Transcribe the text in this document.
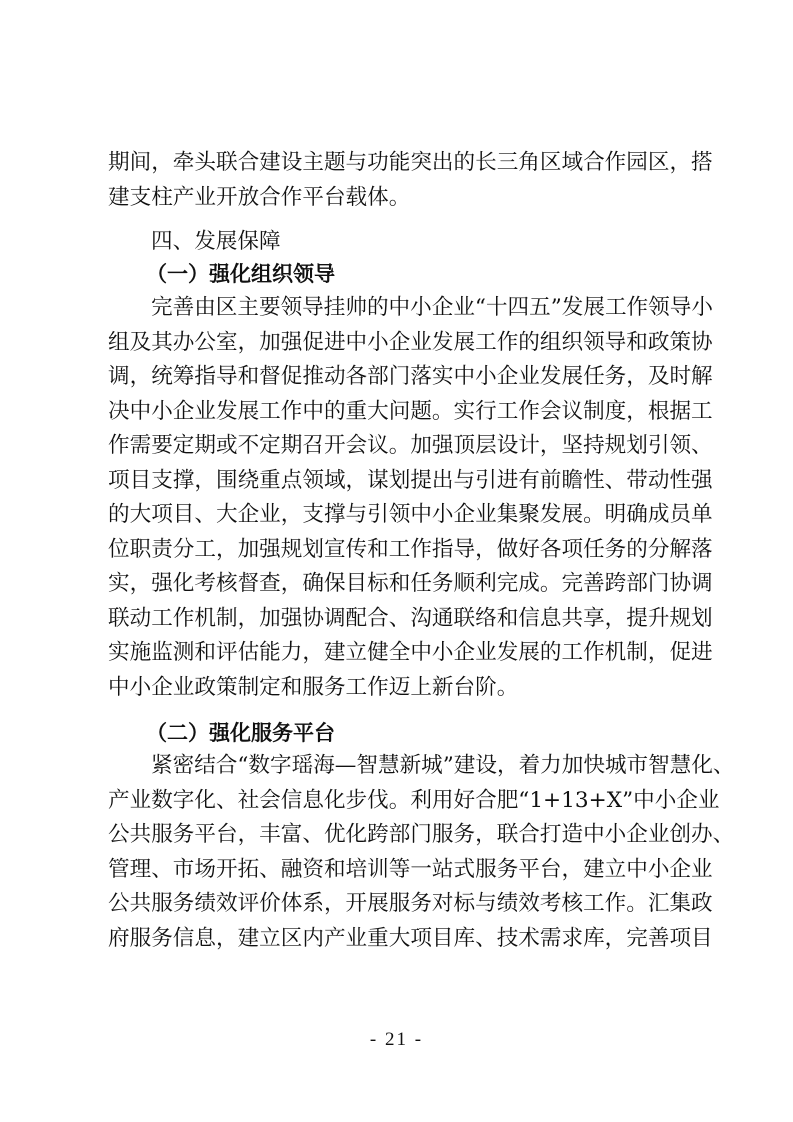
期间，牵头联合建设主题与功能突出的长三角区域合作园区，搭
建支柱产业开放合作平台载体。
四、发展保障
（一）强化组织领导
完善由区主要领导挂帅的中小企业“十四五”发展工作领导小
组及其办公室，加强促进中小企业发展工作的组织领导和政策协
调，统筹指导和督促推动各部门落实中小企业发展任务，及时解
决中小企业发展工作中的重大问题。实行工作会议制度，根据工
作需要定期或不定期召开会议。加强顶层设计，坚持规划引领、
项目支撑，围绕重点领域，谋划提出与引进有前瞻性、带动性强
的大项目、大企业，支撑与引领中小企业集聚发展。明确成员单
位职责分工，加强规划宣传和工作指导，做好各项任务的分解落
实，强化考核督查，确保目标和任务顺利完成。完善跨部门协调
联动工作机制，加强协调配合、沟通联络和信息共享，提升规划
实施监测和评估能力，建立健全中小企业发展的工作机制，促进
中小企业政策制定和服务工作迈上新台阶。
（二）强化服务平台
紧密结合“数字瑶海—智慧新城”建设，着力加快城市智慧化、
产业数字化、社会信息化步伐。利用好合肥“1+13+X”中小企业
公共服务平台，丰富、优化跨部门服务，联合打造中小企业创办、
管理、市场开拓、融资和培训等一站式服务平台，建立中小企业
公共服务绩效评价体系，开展服务对标与绩效考核工作。汇集政
府服务信息，建立区内产业重大项目库、技术需求库，完善项目
- 21 -
